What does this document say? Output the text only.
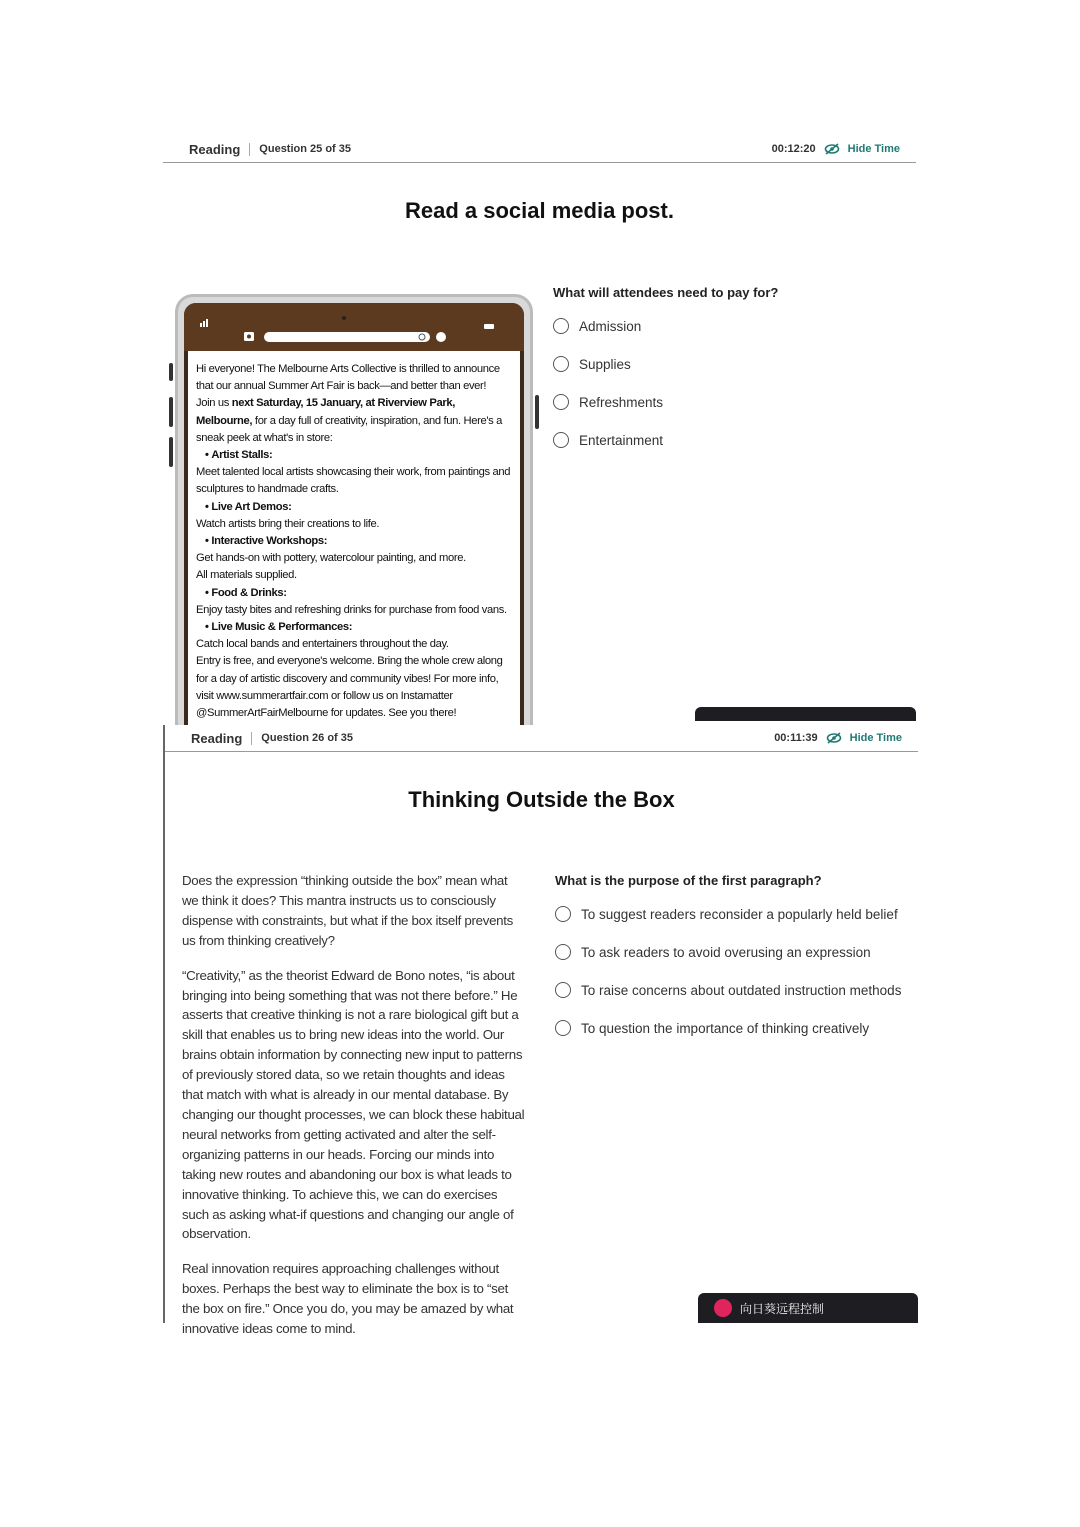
Reading Question 25 of 35	00:12:20	Hide Time
Read a social media post.

Hi everyone! The Melbourne Arts Collective is thrilled to announce that our annual Summer Art Fair is back—and better than ever!

Join us next Saturday, 15 January, at Riverview Park, Melbourne, for a day full of creativity, inspiration, and fun. Here's a sneak peek at what's in store:

• Artist Stalls:

Meet talented local artists showcasing their work, from paintings and sculptures to handmade crafts.

• Live Art Demos:

Watch artists bring their creations to life.

• Interactive Workshops:

Get hands-on with pottery, watercolour painting, and more.

All materials supplied.

• Food & Drinks:

Enjoy tasty bites and refreshing drinks for purchase from food vans.

• Live Music & Performances:

Catch local bands and entertainers throughout the day.

Entry is free, and everyone's welcome. Bring the whole crew along for a day of artistic discovery and community vibes! For more info, visit www.summerartfair.com or follow us on Instamatter @SummerArtFairMelbourne for updates. See you there!

What will attendees need to pay for?
Admission
Supplies
Refreshments
Entertainment
Reading Question 26 of 35	00:11:39	Hide Time
Thinking Outside the Box

Does the expression “thinking outside the box” mean what we think it does? This mantra instructs us to consciously dispense with constraints, but what if the box itself prevents us from thinking creatively?

“Creativity,” as the theorist Edward de Bono notes, “is about bringing into being something that was not there before.” He asserts that creative thinking is not a rare biological gift but a skill that enables us to bring new ideas into the world. Our brains obtain information by connecting new input to patterns of previously stored data, so we retain thoughts and ideas that match with what is already in our mental database. By changing our thought processes, we can block these habitual neural networks from getting activated and alter the self-organizing patterns in our heads. Forcing our minds into taking new routes and abandoning our box is what leads to innovative thinking. To achieve this, we can do exercises such as asking what-if questions and changing our angle of observation.

Real innovation requires approaching challenges without boxes. Perhaps the best way to eliminate the box is to “set the box on fire.” Once you do, you may be amazed by what innovative ideas come to mind.

What is the purpose of the first paragraph?
To suggest readers reconsider a popularly held belief
To ask readers to avoid overusing an expression
To raise concerns about outdated instruction methods
To question the importance of thinking creatively
向日葵远程控制
